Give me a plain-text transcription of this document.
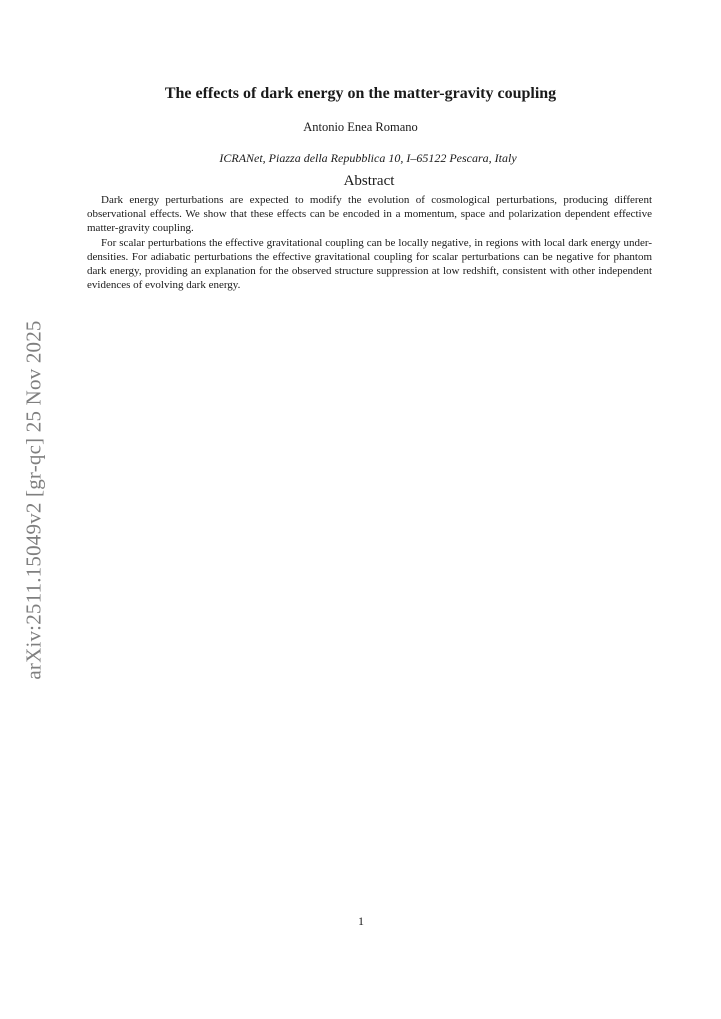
arXiv:2511.15049v2 [gr-qc] 25 Nov 2025
The effects of dark energy on the matter-gravity coupling
Antonio Enea Romano
ICRANet, Piazza della Repubblica 10, I–65122 Pescara, Italy
Abstract

Dark energy perturbations are expected to modify the evolution of cosmological perturbations, producing different observational effects. We show that these effects can be encoded in a momentum, space and polarization dependent effective matter-gravity coupling.

For scalar perturbations the effective gravitational coupling can be locally negative, in regions with local dark energy under-densities. For adiabatic perturbations the effective gravitational coupling for scalar perturbations can be negative for phantom dark energy, providing an explanation for the observed structure suppression at low redshift, consistent with other independent evidences of evolving dark energy.

1
